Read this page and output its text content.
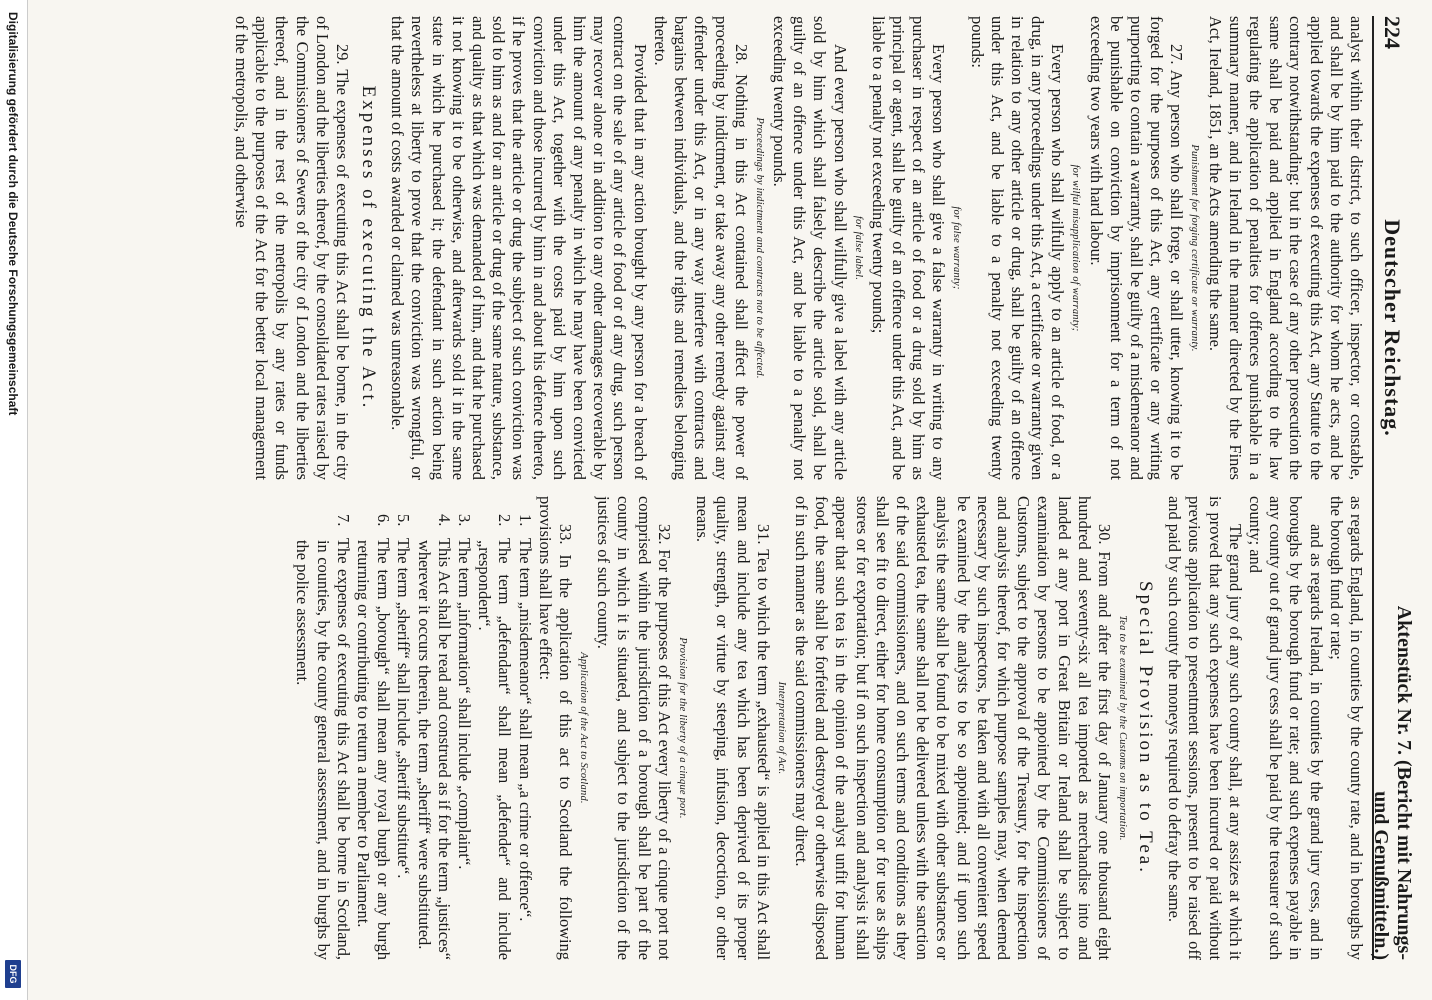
224
Deutscher Reichstag.
Aktenstück Nr. 7. (Bericht mit Nahrungs- und Genußmitteln.)

analyst within their district, to such officer, inspector, or constable, and shall be by him paid to the authority for whom he acts, and be applied towards the expenses of executing this Act, any Statute to the contrary notwithstanding: but in the case of any other prosecution the same shall be paid and applied in England according to the law regulating the application of penalties for offences punishable in a summary manner, and in Ireland in the manner directed by the Fines Act, Ireland, 1851, an the Acts amending the same.

Punishment for forging certificate or warranty.

27. Any person who shall forge, or shall utter, knowing it to be forged for the purposes of this Act, any certificate or any writing purporting to contain a warranty, shall be guilty of a misdemeanor and be punishable on conviction by imprisonment for a term of not exceeding two years with hard labour.

for wilful misapplication of warranty;

Every person who shall wilfully apply to an article of food, or a drug, in any proceedings under this Act, a certificate or warranty given in relation to any other article or drug, shall be guilty of an offence under this Act, and be liable to a penalty not exceeding twenty pounds:

for false warranty;

Every person who shall give a false warranty in writing to any purchaser in respect of an article of food or a drug sold by him as principal or agent, shall be guilty of an offence under this Act, and be liable to a penalty not exceeding twenty pounds;

for false label.

And every person who shall wilfully give a label with any article sold by him which shall falsely describe the article sold, shall be guilty of an offence under this Act, and be liable to a penalty not exceeding twenty pounds.

Proceedings by indictment and contracts not to be affected.

28. Nothing in this Act contained shall affect the power of proceeding by indictment, or take away any other remedy against any offender under this Act, or in any way interfere with contracts and bargains between individuals, and the rights and remedies belonging thereto.

Provided that in any action brought by any person for a breach of contract on the sale of any article of food or of any drug, such person may recover alone or in addition to any other damages recoverable by him the amount of any penalty in which he may have been convicted under this Act, together with the costs paid by him upon such conviction and those incurred by him in and about his defence thereto, if he proves that the article or drug the subject of such conviction was sold to him as and for an article or drug of the same nature, substance, and quality as that which was demanded of him, and that he purchased it not knowing it to be otherwise, and afterwards sold it in the same state in which he purchased it; the defendant in such action being nevertheless at liberty to prove that the conviction was wrongful, or that the amount of costs awarded or claimed was unreasonable.

Expenses of executing the Act.

29. The expenses of executing this Act shall be borne, in the city of London and the liberties thereof, by the consolidated rates raised by the Commissioners of Sewers of the city of London and the liberties thereof, and in the rest of the metropolis by any rates or funds applicable to the purposes of the Act for the better local management of the metropolis, and otherwise

as regards England, in counties by the county rate, and in boroughs by the borough fund or rate;

and as regards Ireland, in counties by the grand jury cess, and in boroughs by the borough fund or rate; and such expenses payable in any county out of grand jury cess shall be paid by the treasurer of such county; and

The grand jury of any such county shall, at any assizes at which it is proved that any such expenses have been incurred or paid without previous application to presentment sessions, present to be raised off and paid by such county the moneys required to defray the same.

Special Provision as to Tea.
Tea to be examined by the Customs on importation.

30. From and after the first day of January one thousand eight hundred and seventy-six all tea imported as merchandise into and landed at any port in Great Britain or Ireland shall be subject to examination by persons to be appointed by the Commissioners of Customs, subject to the approval of the Treasury, for the inspection and analysis thereof, for which purpose samples may, when deemed necessary by such inspectors, be taken and with all convenient speed be examined by the analysts to be so appointed; and if upon such analysis the same shall be found to be mixed with other substances or exhausted tea, the same shall not be delivered unless with the sanction of the said commissioners, and on such terms and conditions as they shall see fit to direct, either for home consumption or for use as ships stores or for exportation; but if on such inspection and analysis it shall appear that such tea is in the opinion of the analyst unfit for human food, the same shall be forfeited and destroyed or otherwise disposed of in such manner as the said commissioners may direct.

Interpretation of Act.

31. Tea to which the term „exhausted“ is applied in this Act shall mean and include any tea which has been deprived of its proper quality, strength, or virtue by steeping, infusion, decoction, or other means.

Provision for the liberty of a cinque port.

32. For the purposes of this Act every liberty of a cinque port not comprised within the jurisdiction of a borough shall be part of the county in which it is situated, and subject to the jurisdiction of the justices of such county.

Application of the Act to Scotland.

33. In the application of this act to Scotland the following provisions shall have effect:

1.The term „misdemeanor“ shall mean „a crime or offence“.

2.The term „defendant“ shall mean „defender“ and include „respondent“.

3.The term „information“ shall include „complaint“.

4.This Act shall be read and construed as if for the term „justices“ wherever it occurs therein, the term „sheriff“ were substituted.

5.The term „sheriff“ shall include „sheriff substitute“.

6.The term „borough“ shall mean any royal burgh or any burgh returning or contributing to return a member to Parliament.

7.The expenses of executing this Act shall be borne in Scotland, in counties, by the county general assessment, and in burghs by the police assessment.

Digitalisierung gefördert durch die Deutsche Forschungsgemeinschaft
DFG
